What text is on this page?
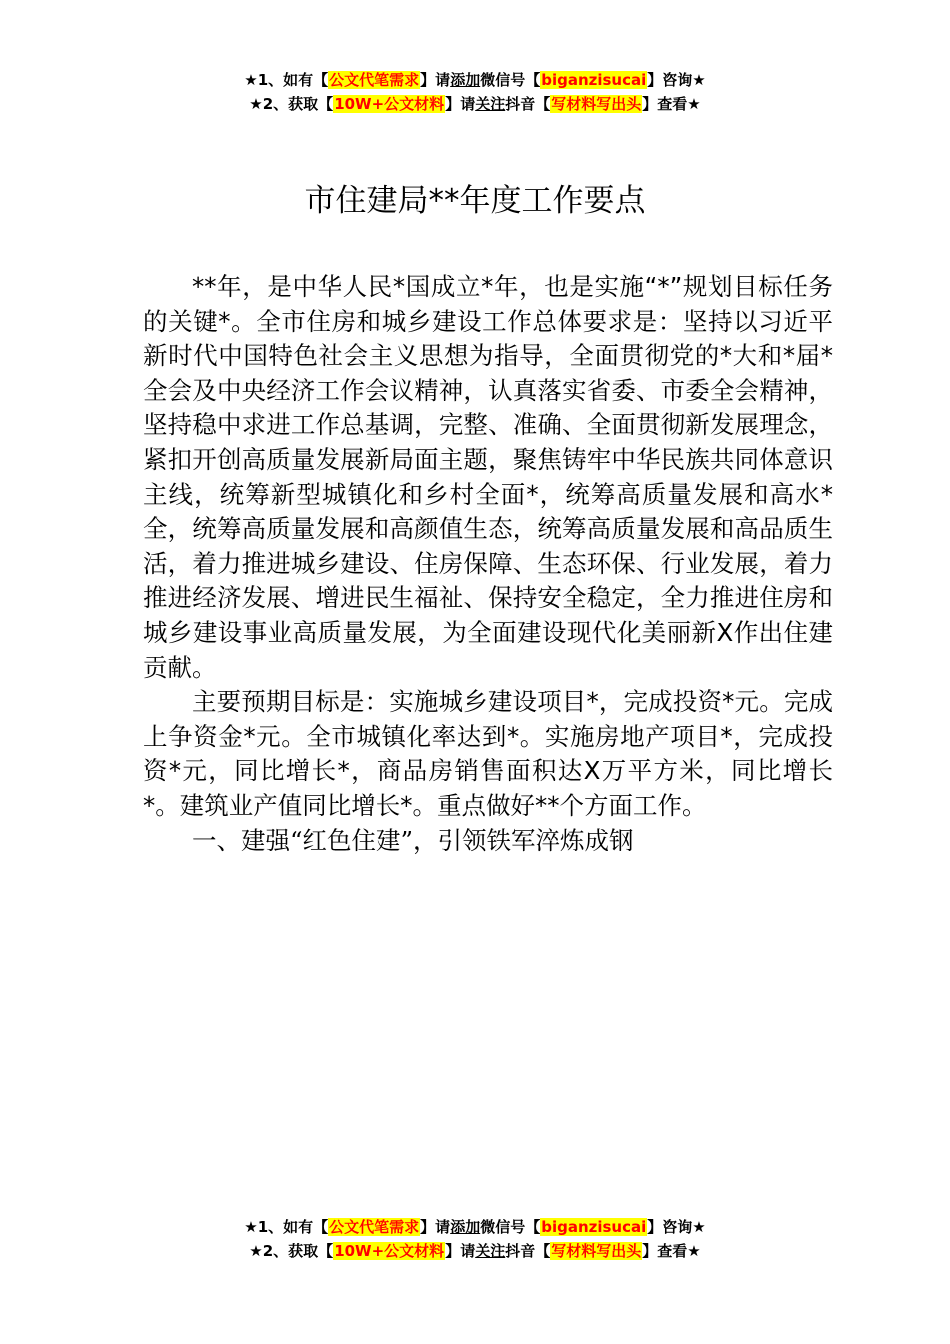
★1、如有【公文代笔需求】请添加微信号【biganzisucai】咨询★
★2、获取【10W+公文材料】请关注抖音【写材料写出头】查看★
市住建局**年度工作要点

**年，是中华人民*国成立*年，也是实施“*”规划目标任务的关键*。全市住房和城乡建设工作总体要求是：坚持以习近平新时代中国特色社会主义思想为指导，全面贯彻党的*大和*届*全会及中央经济工作会议精神，认真落实省委、市委全会精神，坚持稳中求进工作总基调，完整、准确、全面贯彻新发展理念，紧扣开创高质量发展新局面主题，聚焦铸牢中华民族共同体意识主线，统筹新型城镇化和乡村全面*，统筹高质量发展和高水*全，统筹高质量发展和高颜值生态，统筹高质量发展和高品质生活，着力推进城乡建设、住房保障、生态环保、行业发展，着力推进经济发展、增进民生福祉、保持安全稳定，全力推进住房和城乡建设事业高质量发展，为全面建设现代化美丽新X作出住建贡献。

主要预期目标是：实施城乡建设项目*，完成投资*元。完成上争资金*元。全市城镇化率达到*。实施房地产项目*，完成投资*元，同比增长*，商品房销售面积达X万平方米，同比增长*。建筑业产值同比增长*。重点做好**个方面工作。

一、建强“红色住建”，引领铁军淬炼成钢

★1、如有【公文代笔需求】请添加微信号【biganzisucai】咨询★
★2、获取【10W+公文材料】请关注抖音【写材料写出头】查看★
